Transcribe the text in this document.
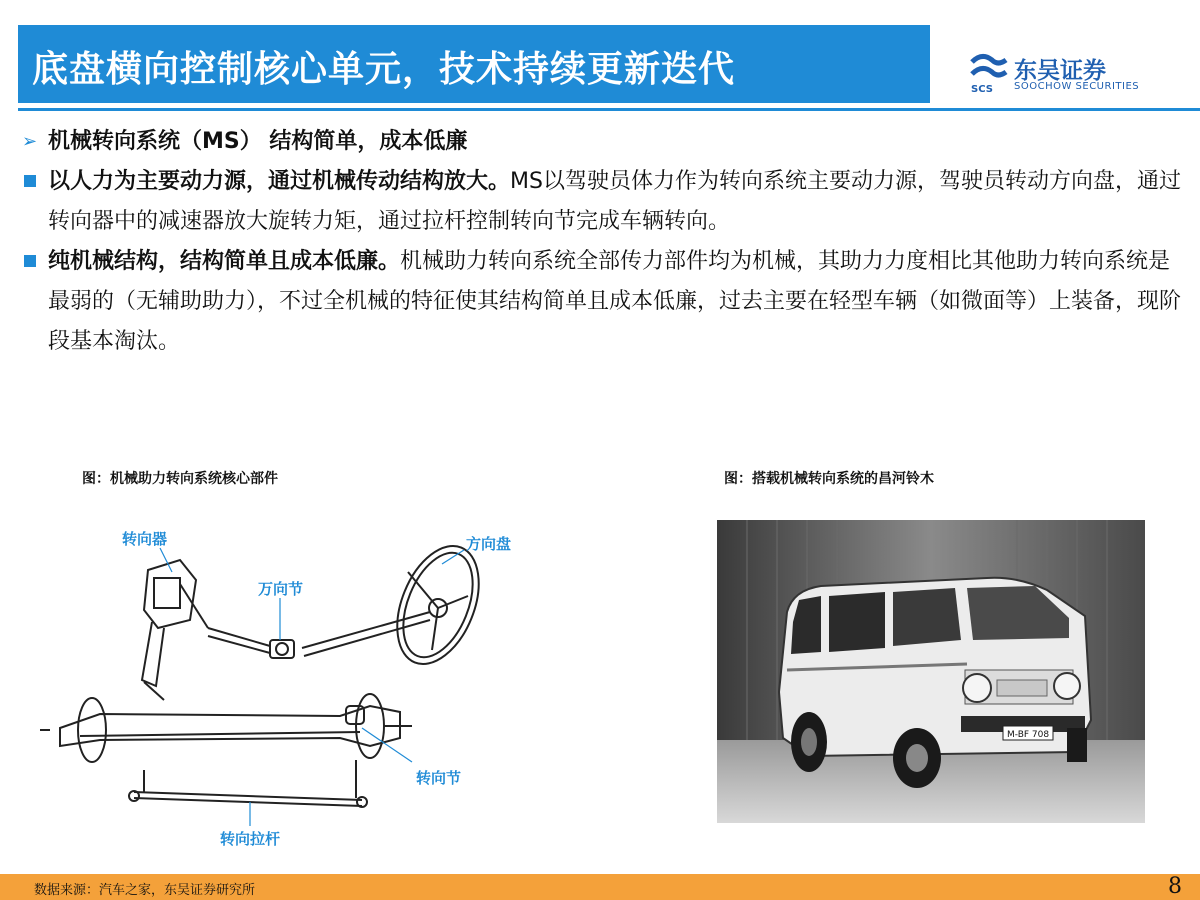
底盘横向控制核心单元，技术持续更新迭代	SCS
东吴证券
SOOCHOW SECURITIES
➢ 机械转向系统（MS） 结构简单，成本低廉
以人力为主要动力源，通过机械传动结构放大。MS以驾驶员体力作为转向系统主要动力源，驾驶员转动方向盘，通过转向器中的减速器放大旋转力矩，通过拉杆控制转向节完成车辆转向。
纯机械结构，结构简单且成本低廉。机械助力转向系统全部传力部件均为机械，其助力力度相比其他助力转向系统是最弱的（无辅助助力），不过全机械的特征使其结构简单且成本低廉，过去主要在轻型车辆（如微面等）上装备，现阶段基本淘汰。
图：机械助力转向系统核心部件	图：搭载机械转向系统的昌河铃木
转向器	方向盘
万向节
转向节
转向拉杆
M-BF 708
数据来源：汽车之家，东吴证券研究所	8
